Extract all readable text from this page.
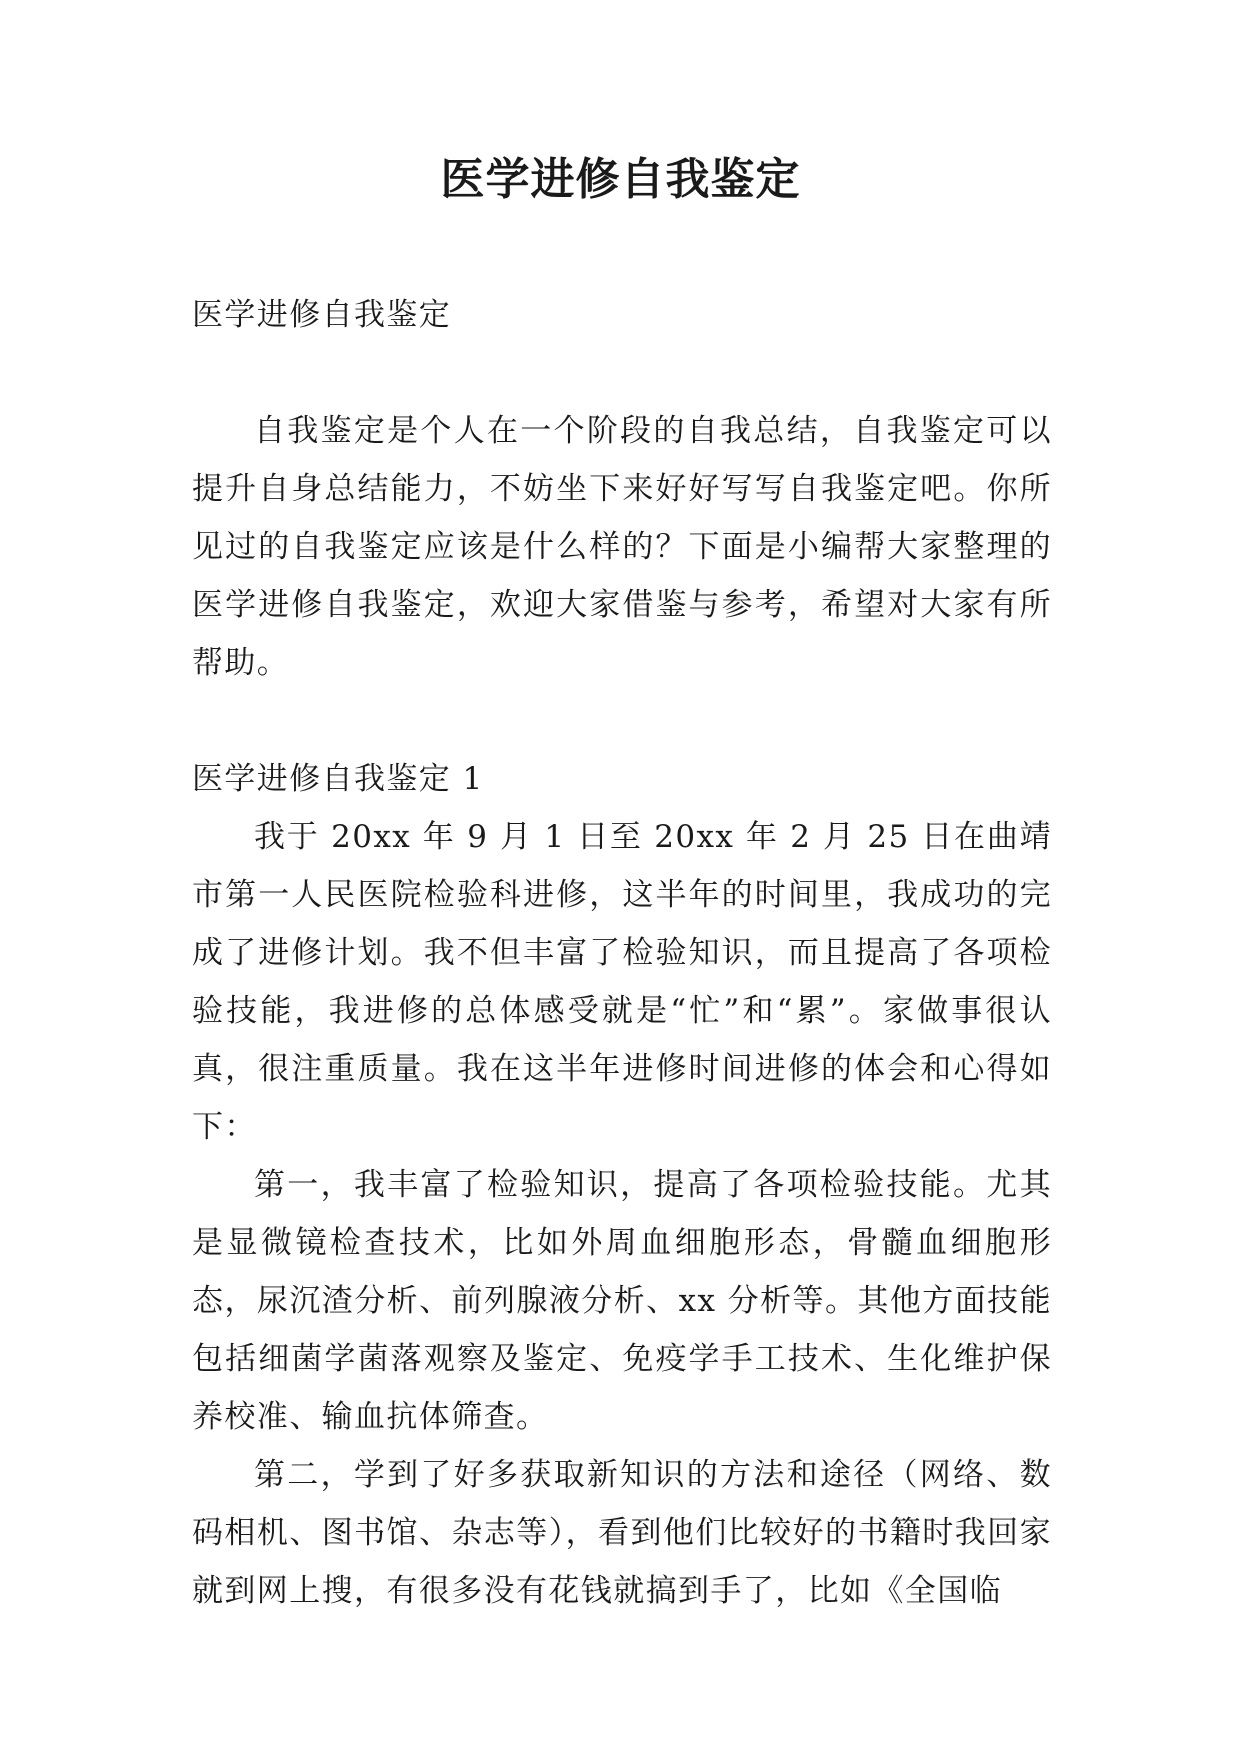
医学进修自我鉴定

医学进修自我鉴定

自我鉴定是个人在一个阶段的自我总结，自我鉴定可以提升自身总结能力，不妨坐下来好好写写自我鉴定吧。你所见过的自我鉴定应该是什么样的？下面是小编帮大家整理的医学进修自我鉴定，欢迎大家借鉴与参考，希望对大家有所帮助。

医学进修自我鉴定 1

我于 20xx 年 9 月 1 日至 20xx 年 2 月 25 日在曲靖市第一人民医院检验科进修，这半年的时间里，我成功的完成了进修计划。我不但丰富了检验知识，而且提高了各项检验技能，我进修的总体感受就是“忙”和“累”。家做事很认真，很注重质量。我在这半年进修时间进修的体会和心得如下：

第一，我丰富了检验知识，提高了各项检验技能。尤其是显微镜检查技术，比如外周血细胞形态，骨髓血细胞形态，尿沉渣分析、前列腺液分析、xx 分析等。其他方面技能包括细菌学菌落观察及鉴定、免疫学手工技术、生化维护保养校准、输血抗体筛查。

第二，学到了好多获取新知识的方法和途径（网络、数码相机、图书馆、杂志等），看到他们比较好的书籍时我回家就到网上搜，有很多没有花钱就搞到手了，比如《全国临
